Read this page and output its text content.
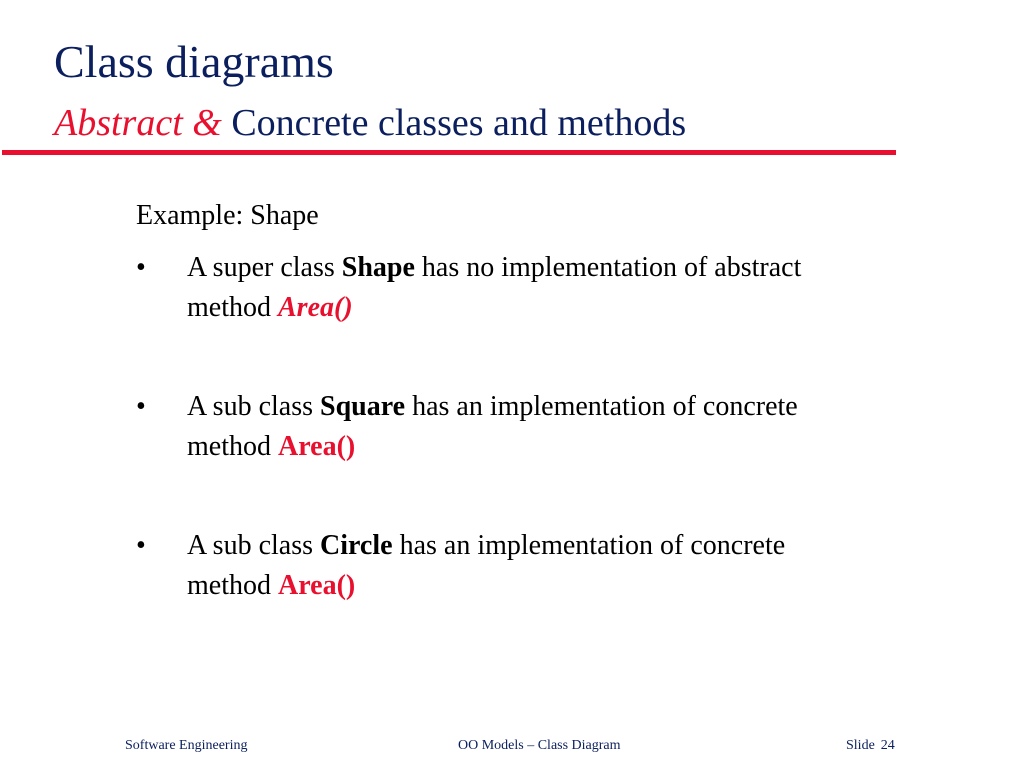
Class diagrams
Abstract & Concrete classes and methods
Example: Shape
•	A super class Shape has no implementation of abstract
method Area()
•	A sub class Square has an implementation of concrete
method Area()
•	A sub class Circle has an implementation of concrete
method Area()
Software Engineering	OO Models – Class Diagram	Slide 24
